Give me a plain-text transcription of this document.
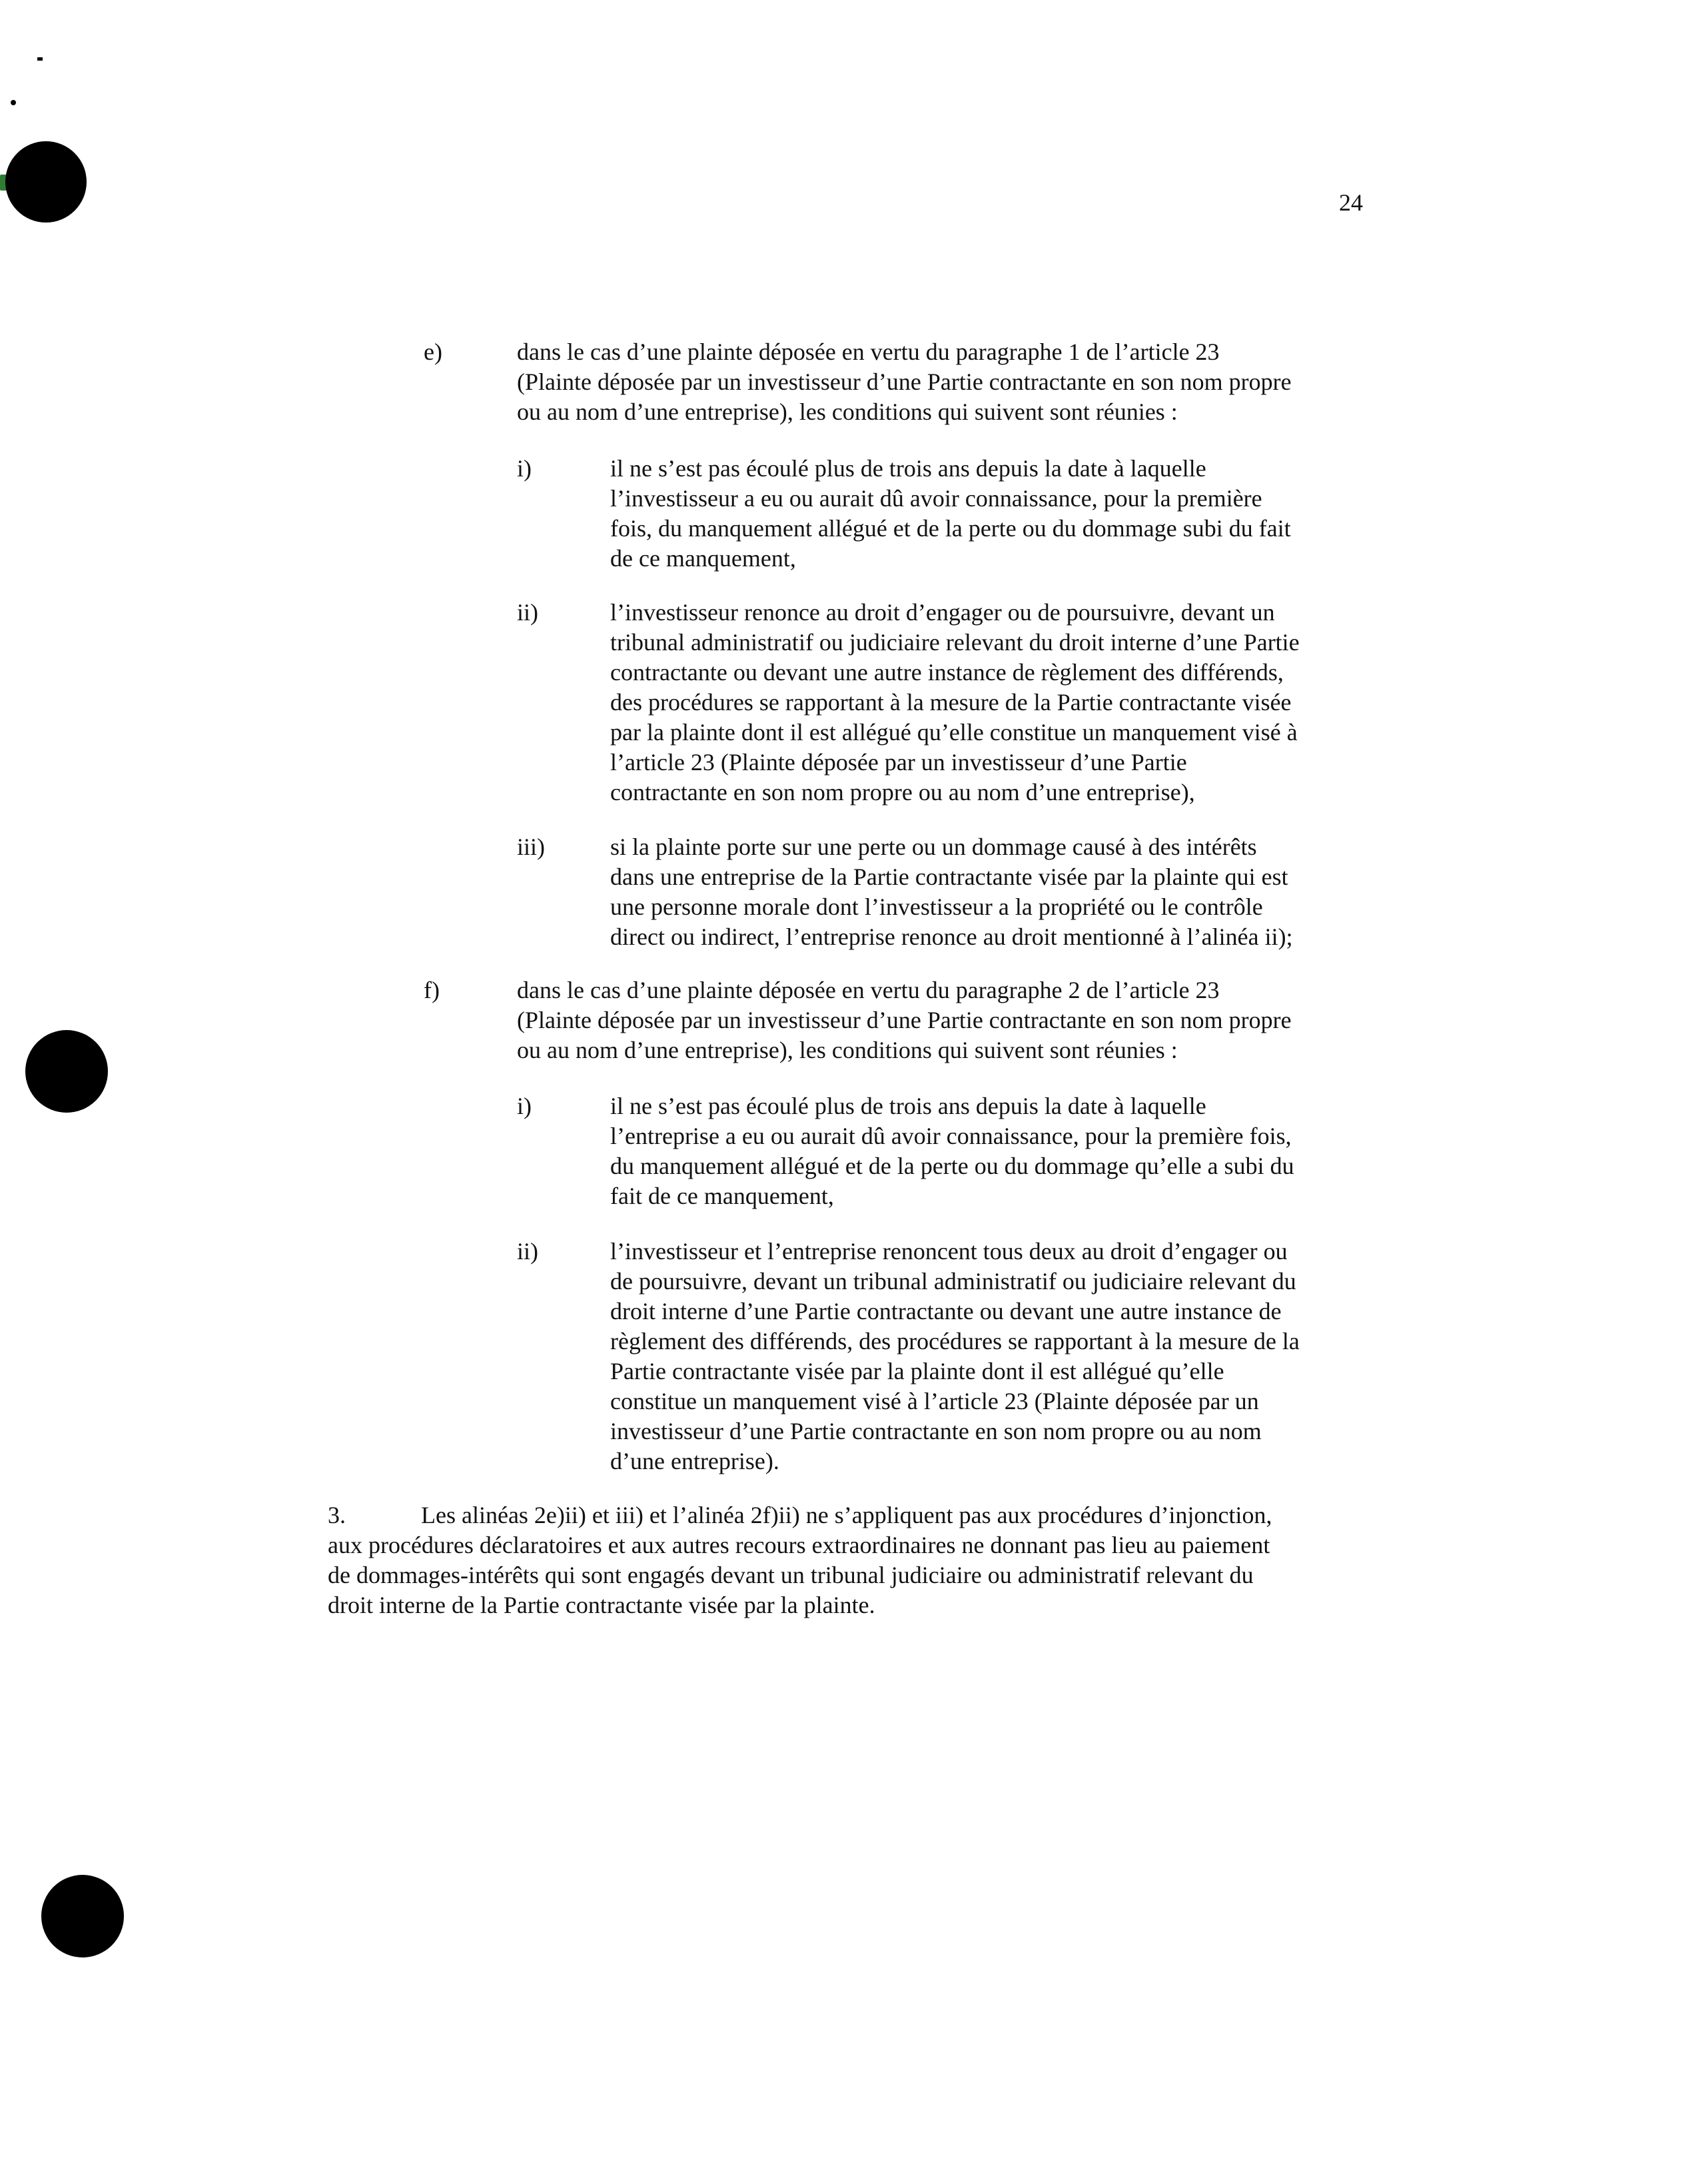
24
e)	dans le cas d’une plainte déposée en vertu du paragraphe 1 de l’article 23
(Plainte déposée par un investisseur d’une Partie contractante en son nom propre
ou au nom d’une entreprise), les conditions qui suivent sont réunies :
i)	il ne s’est pas écoulé plus de trois ans depuis la date à laquelle
l’investisseur a eu ou aurait dû avoir connaissance, pour la première
fois, du manquement allégué et de la perte ou du dommage subi du fait
de ce manquement,
ii)	l’investisseur renonce au droit d’engager ou de poursuivre, devant un
tribunal administratif ou judiciaire relevant du droit interne d’une Partie
contractante ou devant une autre instance de règlement des différends,
des procédures se rapportant à la mesure de la Partie contractante visée
par la plainte dont il est allégué qu’elle constitue un manquement visé à
l’article 23 (Plainte déposée par un investisseur d’une Partie
contractante en son nom propre ou au nom d’une entreprise),
iii)	si la plainte porte sur une perte ou un dommage causé à des intérêts
dans une entreprise de la Partie contractante visée par la plainte qui est
une personne morale dont l’investisseur a la propriété ou le contrôle
direct ou indirect, l’entreprise renonce au droit mentionné à l’alinéa ii);
f)	dans le cas d’une plainte déposée en vertu du paragraphe 2 de l’article 23
(Plainte déposée par un investisseur d’une Partie contractante en son nom propre
ou au nom d’une entreprise), les conditions qui suivent sont réunies :
i)	il ne s’est pas écoulé plus de trois ans depuis la date à laquelle
l’entreprise a eu ou aurait dû avoir connaissance, pour la première fois,
du manquement allégué et de la perte ou du dommage qu’elle a subi du
fait de ce manquement,
ii)	l’investisseur et l’entreprise renoncent tous deux au droit d’engager ou
de poursuivre, devant un tribunal administratif ou judiciaire relevant du
droit interne d’une Partie contractante ou devant une autre instance de
règlement des différends, des procédures se rapportant à la mesure de la
Partie contractante visée par la plainte dont il est allégué qu’elle
constitue un manquement visé à l’article 23 (Plainte déposée par un
investisseur d’une Partie contractante en son nom propre ou au nom
d’une entreprise).
3.	Les alinéas 2e)ii) et iii) et l’alinéa 2f)ii) ne s’appliquent pas aux procédures d’injonction,
aux procédures déclaratoires et aux autres recours extraordinaires ne donnant pas lieu au paiement
de dommages-intérêts qui sont engagés devant un tribunal judiciaire ou administratif relevant du
droit interne de la Partie contractante visée par la plainte.
